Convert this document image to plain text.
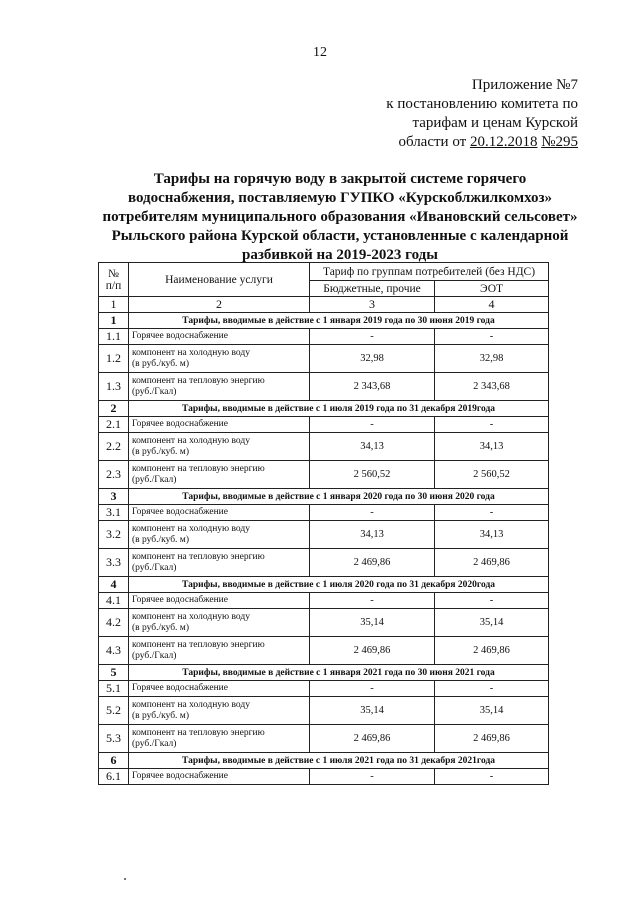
12
Приложение №7
к постановлению комитета по
тарифам и ценам Курской
области от 20.12.2018 №295
Тарифы на горячую воду в закрытой системе горячего
водоснабжения, поставляемую ГУПКО «Курскоблжилкомхоз»
потребителям муниципального образования «Ивановский сельсовет»
Рыльского района Курской области, установленные с календарной
разбивкой на 2019-2023 годы
№
п/п	Наименование услуги	Тариф по группам потребителей (без НДС)	
		Бюджетные, прочие	ЭОТ
1	2	3	4
1	Тарифы, вводимые в действие с 1 января 2019 года по 30 июня 2019 года		
1.1	Горячее водоснабжение	-	-
1.2	компонент на холодную воду
(в руб./куб. м)	32,98	32,98
1.3	компонент на тепловую энергию
(руб./Гкал)	2 343,68	2 343,68
2	Тарифы, вводимые в действие с 1 июля 2019 года по 31 декабря 2019года		
2.1	Горячее водоснабжение	-	-
2.2	компонент на холодную воду
(в руб./куб. м)	34,13	34,13
2.3	компонент на тепловую энергию
(руб./Гкал)	2 560,52	2 560,52
3	Тарифы, вводимые в действие с 1 января 2020 года по 30 июня 2020 года		
3.1	Горячее водоснабжение	-	-
3.2	компонент на холодную воду
(в руб./куб. м)	34,13	34,13
3.3	компонент на тепловую энергию
(руб./Гкал)	2 469,86	2 469,86
4	Тарифы, вводимые в действие с 1 июля 2020 года по 31 декабря 2020года		
4.1	Горячее водоснабжение	-	-
4.2	компонент на холодную воду
(в руб./куб. м)	35,14	35,14
4.3	компонент на тепловую энергию
(руб./Гкал)	2 469,86	2 469,86
5	Тарифы, вводимые в действие с 1 января 2021 года по 30 июня 2021 года		
5.1	Горячее водоснабжение	-	-
5.2	компонент на холодную воду
(в руб./куб. м)	35,14	35,14
5.3	компонент на тепловую энергию
(руб./Гкал)	2 469,86	2 469,86
6	Тарифы, вводимые в действие с 1 июля 2021 года по 31 декабря 2021года		
6.1	Горячее водоснабжение	-	-
